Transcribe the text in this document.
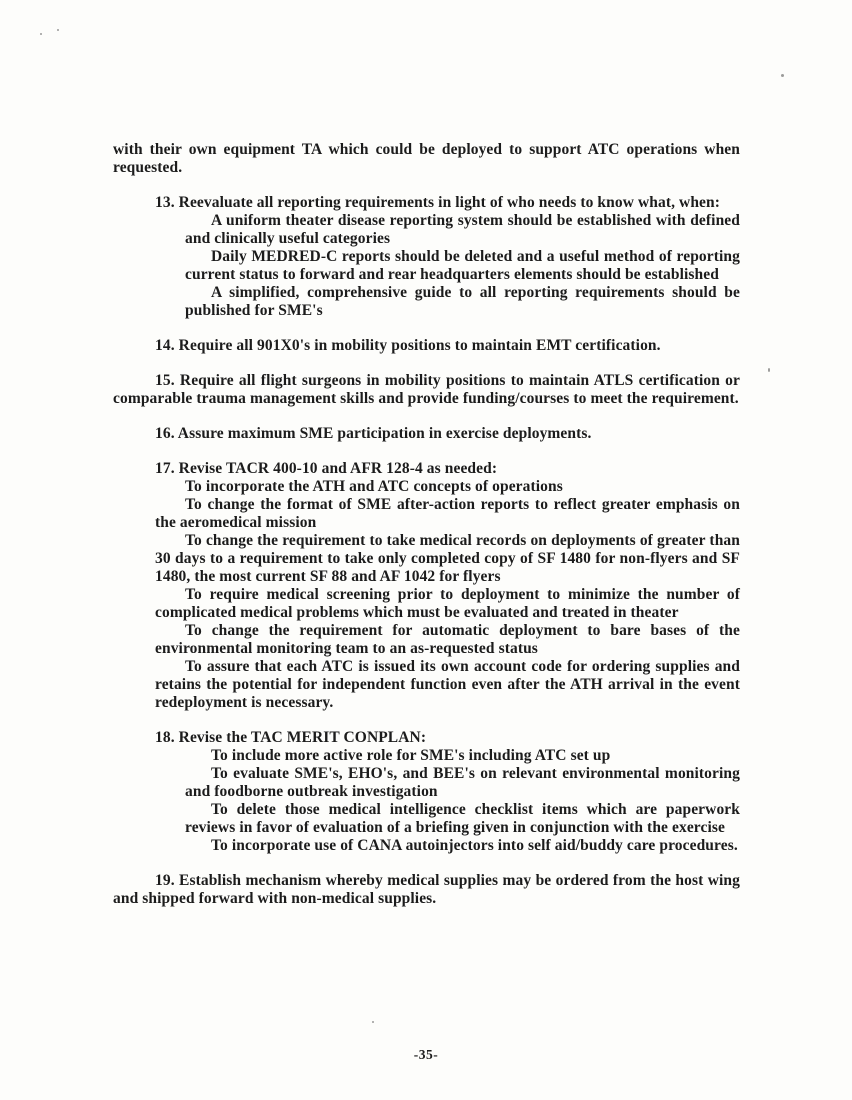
with their own equipment TA which could be deployed to support ATC operations when requested.

13. Reevaluate all reporting requirements in light of who needs to know what, when:

A uniform theater disease reporting system should be established with defined and clinically useful categories

Daily MEDRED-C reports should be deleted and a useful method of reporting current status to forward and rear headquarters elements should be established

A simplified, comprehensive guide to all reporting requirements should be published for SME's

14. Require all 901X0's in mobility positions to maintain EMT certification.

15. Require all flight surgeons in mobility positions to maintain ATLS certification or comparable trauma management skills and provide funding/courses to meet the requirement.

16. Assure maximum SME participation in exercise deployments.

17. Revise TACR 400-10 and AFR 128-4 as needed:

To incorporate the ATH and ATC concepts of operations

To change the format of SME after-action reports to reflect greater emphasis on the aeromedical mission

To change the requirement to take medical records on deployments of greater than 30 days to a requirement to take only completed copy of SF 1480 for non-flyers and SF 1480, the most current SF 88 and AF 1042 for flyers

To require medical screening prior to deployment to minimize the number of complicated medical problems which must be evaluated and treated in theater

To change the requirement for automatic deployment to bare bases of the environmental monitoring team to an as-requested status

To assure that each ATC is issued its own account code for ordering supplies and retains the potential for independent function even after the ATH arrival in the event redeployment is necessary.

18. Revise the TAC MERIT CONPLAN:

To include more active role for SME's including ATC set up

To evaluate SME's, EHO's, and BEE's on relevant environmental monitoring and foodborne outbreak investigation

To delete those medical intelligence checklist items which are paperwork reviews in favor of evaluation of a briefing given in conjunction with the exercise

To incorporate use of CANA autoinjectors into self aid/buddy care procedures.

19. Establish mechanism whereby medical supplies may be ordered from the host wing and shipped forward with non-medical supplies.

-35-
